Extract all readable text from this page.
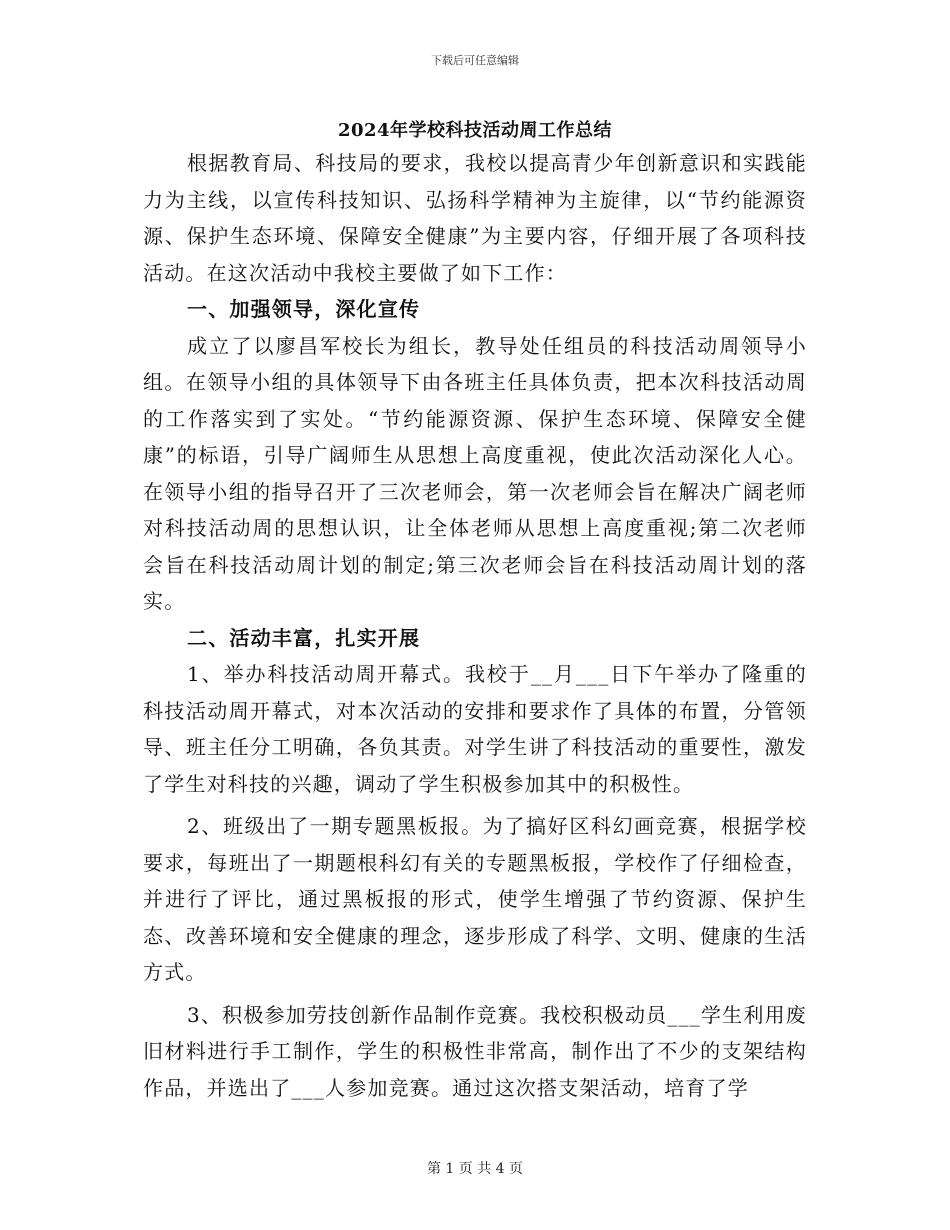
下载后可任意编辑
2024年学校科技活动周工作总结

根据教育局、科技局的要求，我校以提高青少年创新意识和实践能力为主线，以宣传科技知识、弘扬科学精神为主旋律，以“节约能源资源、保护生态环境、保障安全健康”为主要内容，仔细开展了各项科技活动。在这次活动中我校主要做了如下工作：

一、加强领导，深化宣传

成立了以廖昌军校长为组长，教导处任组员的科技活动周领导小组。在领导小组的具体领导下由各班主任具体负责，把本次科技活动周的工作落实到了实处。“节约能源资源、保护生态环境、保障安全健康”的标语，引导广阔师生从思想上高度重视，使此次活动深化人心。在领导小组的指导召开了三次老师会，第一次老师会旨在解决广阔老师对科技活动周的思想认识，让全体老师从思想上高度重视;第二次老师会旨在科技活动周计划的制定;第三次老师会旨在科技活动周计划的落实。

二、活动丰富，扎实开展

1、举办科技活动周开幕式。我校于__月___日下午举办了隆重的科技活动周开幕式，对本次活动的安排和要求作了具体的布置，分管领导、班主任分工明确，各负其责。对学生讲了科技活动的重要性，激发了学生对科技的兴趣，调动了学生积极参加其中的积极性。

2、班级出了一期专题黑板报。为了搞好区科幻画竞赛，根据学校要求，每班出了一期题根科幻有关的专题黑板报，学校作了仔细检查，并进行了评比，通过黑板报的形式，使学生增强了节约资源、保护生态、改善环境和安全健康的理念，逐步形成了科学、文明、健康的生活方式。

3、积极参加劳技创新作品制作竞赛。我校积极动员___学生利用废旧材料进行手工制作，学生的积极性非常高，制作出了不少的支架结构作品，并选出了___人参加竞赛。通过这次搭支架活动，培育了学

第 1 页 共 4 页
